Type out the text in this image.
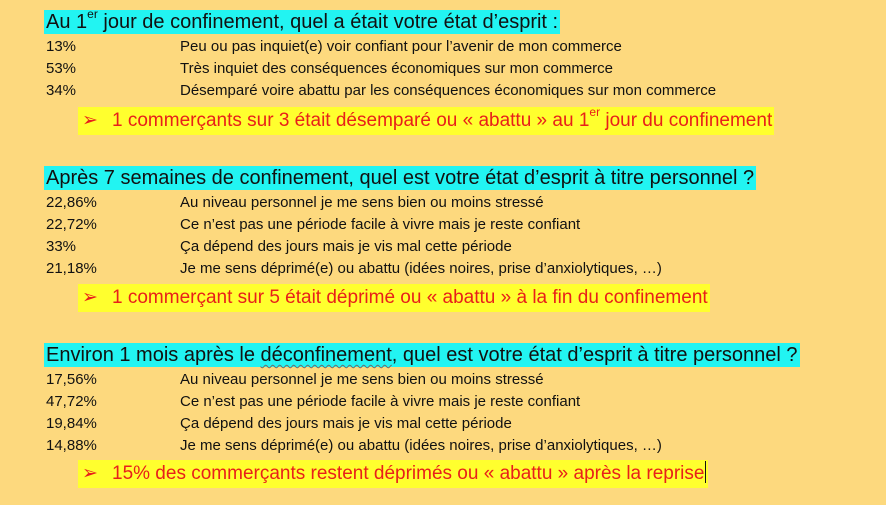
Au 1er jour de confinement, quel a était votre état d’esprit :
13%	Peu ou pas inquiet(e) voir confiant pour l’avenir de mon commerce
53%	Très inquiet des conséquences économiques sur mon commerce
34%	Désemparé voire abattu par les conséquences économiques sur mon commerce
➢ 1 commerçants sur 3 était désemparé ou « abattu » au 1er jour du confinement
Après 7 semaines de confinement, quel est votre état d’esprit à titre personnel ?
22,86%	Au niveau personnel je me sens bien ou moins stressé
22,72%	Ce n’est pas une période facile à vivre mais je reste confiant
33%	Ça dépend des jours mais je vis mal cette période
21,18%	Je me sens déprimé(e) ou abattu (idées noires, prise d’anxiolytiques, …)
➢ 1 commerçant sur 5 était déprimé ou « abattu » à la fin du confinement
Environ 1 mois après le déconfinement, quel est votre état d’esprit à titre personnel ?
17,56%	Au niveau personnel je me sens bien ou moins stressé
47,72%	Ce n’est pas une période facile à vivre mais je reste confiant
19,84%	Ça dépend des jours mais je vis mal cette période
14,88%	Je me sens déprimé(e) ou abattu (idées noires, prise d’anxiolytiques, …)
➢ 15% des commerçants restent déprimés ou « abattu » après la reprise
